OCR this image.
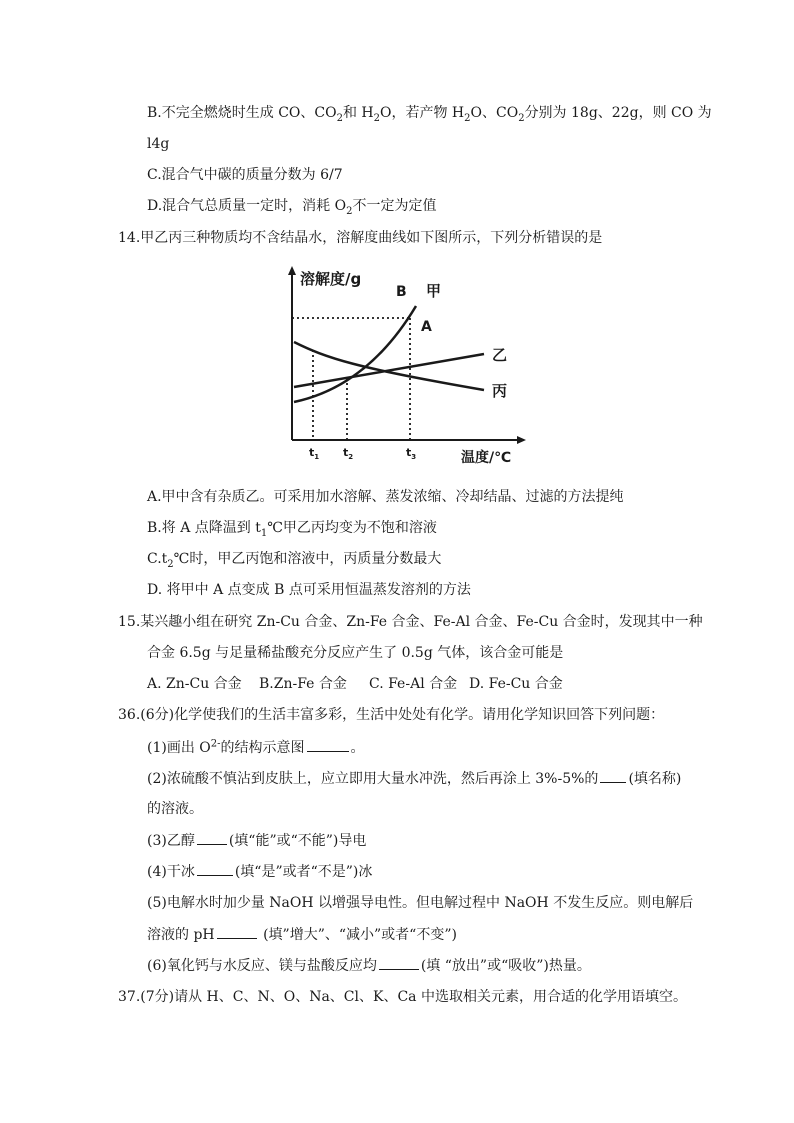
B.不完全燃烧时生成 CO、$CO_2$和 $H_2O$，若产物 $H_2O$、$CO_2$分别为 18g、22g，则 CO 为
l4g
C.混合气中碳的质量分数为 6/7
D.混合气总质量一定时，消耗 $O_2$不一定为定值
14.甲乙丙三种物质均不含结晶水，溶解度曲线如下图所示，下列分析错误的是
溶解度/g
温度/℃
B
A
甲
乙
丙
$t_1$ $t_2$	$t_3$
A.甲中含有杂质乙。可采用加水溶解、蒸发浓缩、冷却结晶、过滤的方法提纯
B.将 A 点降温到 $t_1℃$甲乙丙均变为不饱和溶液
$C.t_2℃$时，甲乙丙饱和溶液中，丙质量分数最大
D. 将甲中 A 点变成 B 点可采用恒温蒸发溶剂的方法
15.某兴趣小组在研究 Zn-Cu 合金、Zn-Fe 合金、Fe-Al 合金、Fe-Cu 合金时，发现其中一种
合金 6.5g 与足量稀盐酸充分反应产生了 0.5g 气体，该合金可能是
A. Zn-Cu 合金 B.Zn-Fe 合金 C. Fe-Al 合金 D. Fe-Cu 合金
36.(6分)化学使我们的生活丰富多彩，生活中处处有化学。请用化学知识回答下列问题：
(1)画出 $O^{2-}$的结构示意图	。
(2)浓硫酸不慎沾到皮肤上，应立即用大量水冲洗，然后再涂上 3%-5%的 (填名称)
的溶液。
(3)乙醇 (填“能”或“不能”)导电
(4)干冰	(填“是”或者“不是”)冰
(5)电解水时加少量 NaOH 以增强导电性。但电解过程中 NaOH 不发生反应。则电解后
溶液的 pH	(填”增大”、“减小”或者“不变”)
(6)氧化钙与水反应、镁与盐酸反应均	(填 “放出”或“吸收”)热量。
37.(7分)请从 H、C、N、O、Na、Cl、K、Ca 中选取相关元素，用合适的化学用语填空。
